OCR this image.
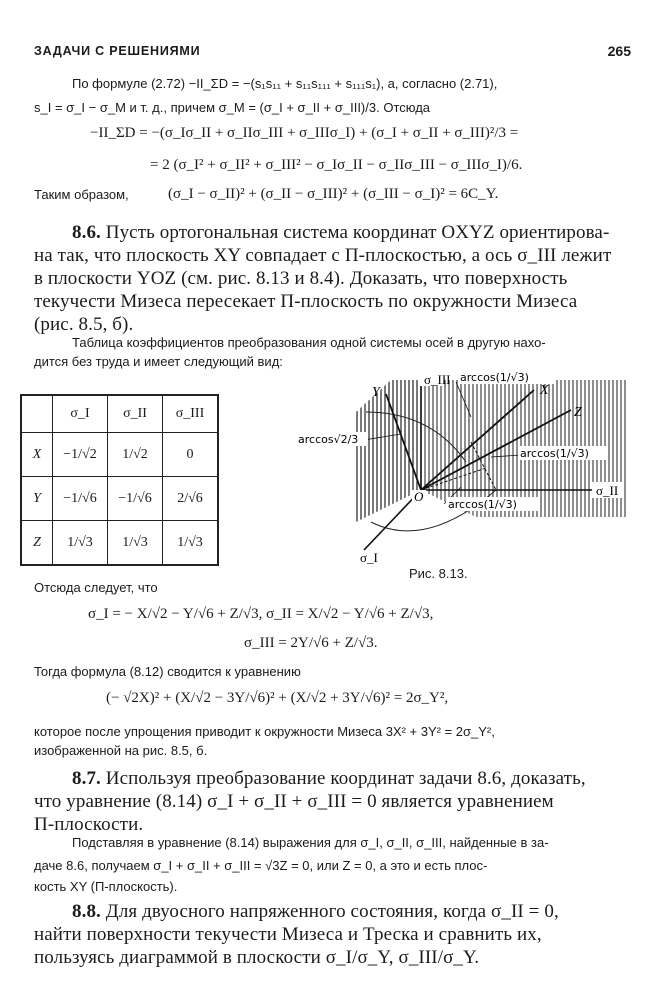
ЗАДАЧИ С РЕШЕНИЯМИ	265
По формуле (2.72) −II_ΣD = −(s₁s₁₁ + s₁₁s₁₁₁ + s₁₁₁s₁), а, согласно (2.71),
s_I = σ_I − σ_M и т. д., причем σ_M = (σ_I + σ_II + σ_III)/3. Отсюда
−II_ΣD = −(σ_Iσ_II + σ_IIσ_III + σ_IIIσ_I) + (σ_I + σ_II + σ_III)²/3 =
= 2 (σ_I² + σ_II² + σ_III² − σ_Iσ_II − σ_IIσ_III − σ_IIIσ_I)/6.
Таким образом,	(σ_I − σ_II)² + (σ_II − σ_III)² + (σ_III − σ_I)² = 6C_Y.
8.6. Пусть ортогональная система координат OXYZ ориентирова-
на так, что плоскость XY совпадает с П-плоскостью, а ось σ_III лежит
в плоскости YOZ (см. рис. 8.13 и 8.4). Доказать, что поверхность
текучести Мизеса пересекает П-плоскость по окружности Мизеса
(рис. 8.5, б).
Таблица коэффициентов преобразования одной системы осей в другую нахо-
дится без труда и имеет следующий вид:
	σ_I	σ_II	σ_III
X	−1/√2	1/√2	0
Y	−1/√6	−1/√6	2/√6
Z	1/√3	1/√3	1/√3
arccos(1/√3)
σ_III
Y	X
Z
arccos√2/3
arccos(1/√3)
O	σ_II
arccos(1/√3)
σ_I
Рис. 8.13.
Отсюда следует, что
σ_I = − X/√2 − Y/√6 + Z/√3, σ_II = X/√2 − Y/√6 + Z/√3,
σ_III = 2Y/√6 + Z/√3.
Тогда формула (8.12) сводится к уравнению
(− √2X)² + (X/√2 − 3Y/√6)² + (X/√2 + 3Y/√6)² = 2σ_Y²,
которое после упрощения приводит к окружности Мизеса 3X² + 3Y² = 2σ_Y²,
изображенной на рис. 8.5, б.
8.7. Используя преобразование координат задачи 8.6, доказать,
что уравнение (8.14) σ_I + σ_II + σ_III = 0 является уравнением
П-плоскости.
Подставляя в уравнение (8.14) выражения для σ_I, σ_II, σ_III, найденные в за-
даче 8.6, получаем σ_I + σ_II + σ_III = √3Z = 0, или Z = 0, а это и есть плос-
кость XY (П-плоскость).
8.8. Для двуосного напряженного состояния, когда σ_II = 0,
найти поверхности текучести Мизеса и Треска и сравнить их,
пользуясь диаграммой в плоскости σ_I/σ_Y, σ_III/σ_Y.
